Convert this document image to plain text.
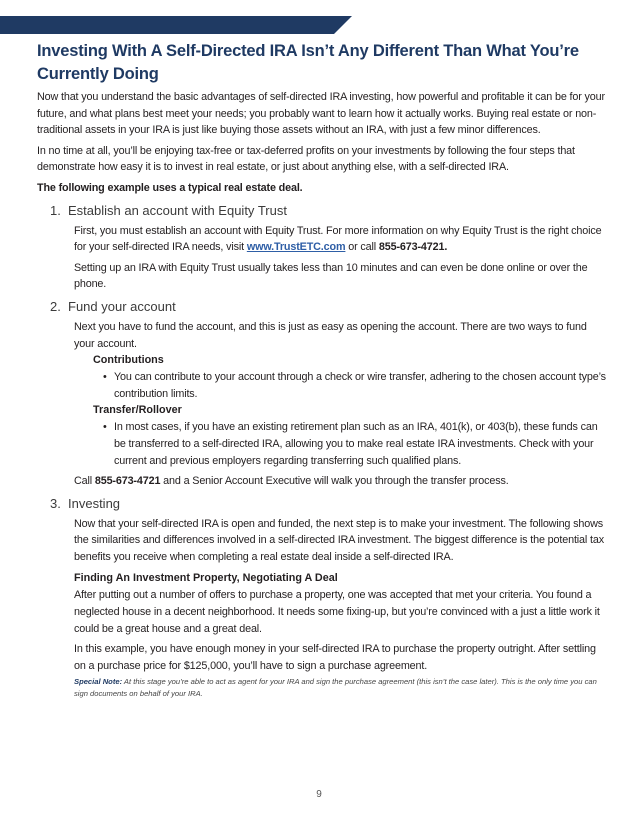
Investing With A Self-Directed IRA Isn’t Any Different Than What You’re Currently Doing

Now that you understand the basic advantages of self-directed IRA investing, how powerful and profitable it can be for your future, and what plans best meet your needs; you probably want to learn how it actually works. Buying real estate or non-traditional assets in your IRA is just like buying those assets without an IRA, with just a few minor differences.

In no time at all, you’ll be enjoying tax-free or tax-deferred profits on your investments by following the four steps that demonstrate how easy it is to invest in real estate, or just about anything else, with a self-directed IRA.

The following example uses a typical real estate deal.

1. Establish an account with Equity Trust

First, you must establish an account with Equity Trust. For more information on why Equity Trust is the right choice for your self-directed IRA needs, visit www.TrustETC.com or call 855-673-4721.

Setting up an IRA with Equity Trust usually takes less than 10 minutes and can even be done online or over the phone.

2. Fund your account

Next you have to fund the account, and this is just as easy as opening the account. There are two ways to fund your account.

Contributions
• You can contribute to your account through a check or wire transfer, adhering to the chosen account type’s contribution limits.
Transfer/Rollover
• In most cases, if you have an existing retirement plan such as an IRA, 401(k), or 403(b), these funds can be transferred to a self-directed IRA, allowing you to make real estate IRA investments. Check with your current and previous employers regarding transferring such qualified plans.

Call 855-673-4721 and a Senior Account Executive will walk you through the transfer process.

3. Investing

Now that your self-directed IRA is open and funded, the next step is to make your investment. The following shows the similarities and differences involved in a self-directed IRA investment. The biggest difference is the potential tax benefits you receive when completing a real estate deal inside a self-directed IRA.

Finding An Investment Property, Negotiating A Deal

After putting out a number of offers to purchase a property, one was accepted that met your criteria. You found a neglected house in a decent neighborhood. It needs some fixing-up, but you’re convinced with a just a little work it could be a great house and a great deal.

In this example, you have enough money in your self-directed IRA to purchase the property outright. After settling on a purchase price for $125,000, you’ll have to sign a purchase agreement.

Special Note: At this stage you’re able to act as agent for your IRA and sign the purchase agreement (this isn’t the case later). This is the only time you can sign documents on behalf of your IRA.

9
